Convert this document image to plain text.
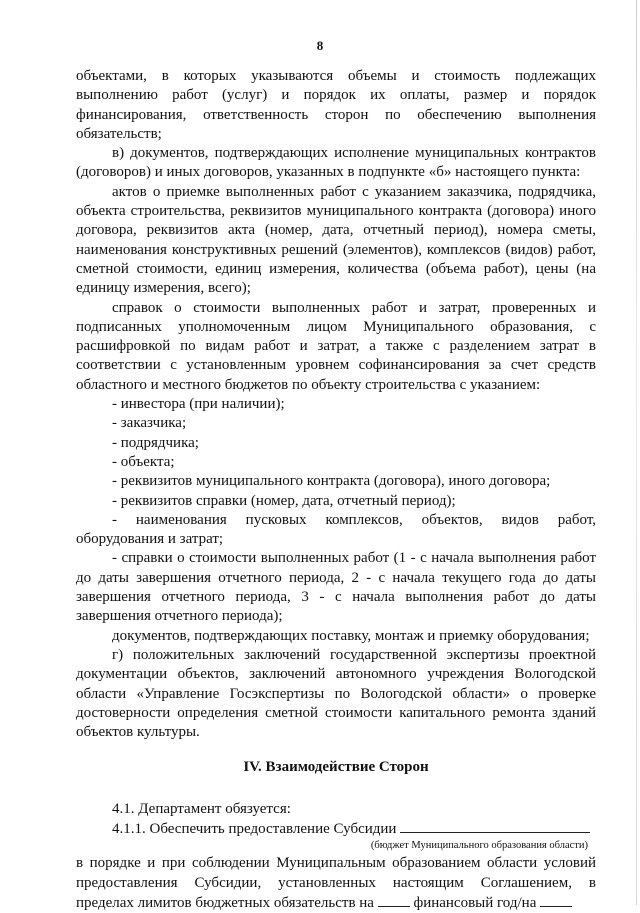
8

объектами, в которых указываются объемы и стоимость подлежащих выполнению работ (услуг) и порядок их оплаты, размер и порядок финансирования, ответственность сторон по обеспечению выполнения обязательств;

в) документов, подтверждающих исполнение муниципальных контрактов (договоров) и иных договоров, указанных в подпункте «б» настоящего пункта:

актов о приемке выполненных работ с указанием заказчика, подрядчика, объекта строительства, реквизитов муниципального контракта (договора) иного договора, реквизитов акта (номер, дата, отчетный период), номера сметы, наименования конструктивных решений (элементов), комплексов (видов) работ, сметной стоимости, единиц измерения, количества (объема работ), цены (на единицу измерения, всего);

справок о стоимости выполненных работ и затрат, проверенных и подписанных уполномоченным лицом Муниципального образования, с расшифровкой по видам работ и затрат, а также с разделением затрат в соответствии с установленным уровнем софинансирования за счет средств областного и местного бюджетов по объекту строительства с указанием:

- инвестора (при наличии);

- заказчика;

- подрядчика;

- объекта;

- реквизитов муниципального контракта (договора), иного договора;

- реквизитов справки (номер, дата, отчетный период);

- наименования пусковых комплексов, объектов, видов работ, оборудования и затрат;

- справки о стоимости выполненных работ (1 - с начала выполнения работ до даты завершения отчетного периода, 2 - с начала текущего года до даты завершения отчетного периода, 3 - с начала выполнения работ до даты завершения отчетного периода);

документов, подтверждающих поставку, монтаж и приемку оборудования;

г) положительных заключений государственной экспертизы проектной документации объектов, заключений автономного учреждения Вологодской области «Управление Госэкспертизы по Вологодской области» о проверке достоверности определения сметной стоимости капитального ремонта зданий объектов культуры.

IV. Взаимодействие Сторон

4.1. Департамент обязуется:

4.1.1. Обеспечить предоставление Субсидии

(бюджет Муниципального образования области)

в порядке и при соблюдении Муниципальным образованием области условий предоставления Субсидии, установленных настоящим Соглашением, в

пределах лимитов бюджетных обязательств на	финансовый год/на
